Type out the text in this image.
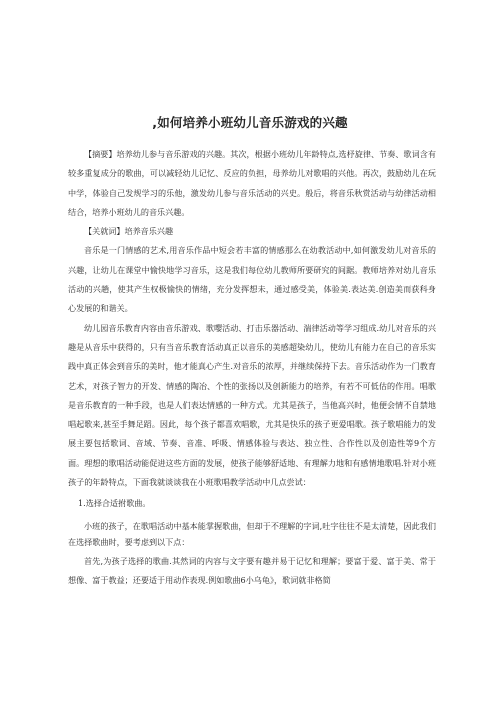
,如何培养小班幼儿音乐游戏的兴趣

【摘要】培养幼儿参与音乐游戏的兴趣。其次，根据小班幼儿年龄特点,选杼旋律、节奏、歌词含有较多重复成分的歌曲，可以减轻幼儿记忆、反应的负担，母养幼儿对歌唱的兴他。再次，鼓励幼儿在玩中学，体验自己发规学习的乐他，激发幼儿参与音乐活动的兴史。般后，将音乐秋赏活动与幼律活动相结合，培养小班幼儿的音乐兴趣。

【关就词】培养音乐兴趣

音乐是一门情感的艺术,用音乐作品中短会若丰富的情感那么在幼教活动中,如何激发幼儿对音乐的兴趣，让幼儿在课堂中愉快地学习音乐，这是我们每位幼儿教师所要研究的间踞。教师培养对幼儿音乐活动的兴趟，使其产生权极愉快的情绪，充分发挥想未，通过感受美，体验美.表达美.创造美而获科身心发展的和谐关。

幼儿园音乐教育内容由音乐游戏、歌嘤活动、打击乐器活动、湍律活动等学习组成.幼儿对音乐的兴趣是从音乐中获得的，只有当音乐教育活动真正以音乐的美感超染幼儿，使幼儿有能力在自己的音乐实践中真正体会到音乐的美时，他才能真心产生.对音乐的浓厚，并继续保持下去。音乐活动作为一门教育艺术，对孩子智力的开发、情感的陶冶、个性的张扬以及创新能力的培养，有若不可低估的作用。唱歌是音乐教育的一种手段，也是人们表达情感的一种方式。尤其是孩子，当他高兴时，他便会情不自禁地唱起歌来,甚至手舞足蹈。因此，每个孩子都喜欢唱歌，尤其是快乐的孩子更爱唱歌。孩子歌唱能力的发展主要包括歌词、音域、节奏、音准、呼吸、情感体验与表达、独立性、合作性以及创造性等9个方面。理想的歌唱活动能促进这些方面的发展，使孩子能够舒适地、有理解力地和有感情地歌唱.针对小班孩子的年龄特点，下面我就谈谈我在小班歌唱教学活动中几点尝试：

1.选择合适拊歌曲。

小班的孩子，在歌唱活动中基本能掌握歌曲，但却于不理解的字词,吐字往往不是太清楚，因此我们在选择歌曲时，要考虑到以下点：

首先,为孩子选择的歌曲.其然词的内容与文字要有趣并易于记忆和理解；要富于爱、富于美、常于想像、富于教益；还要适于用动作表现.例如歌曲6小乌龟》，歌词就非格简
